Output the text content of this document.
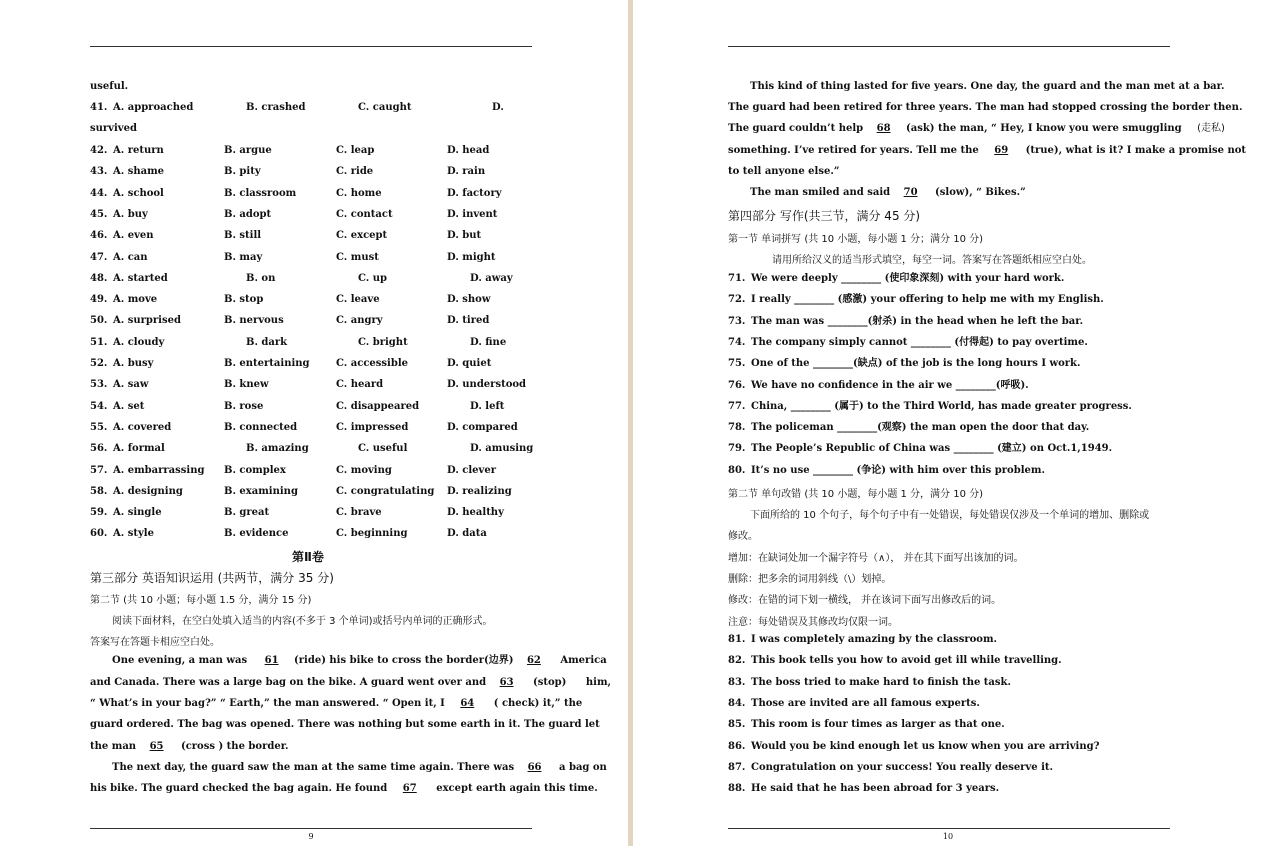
useful.
41. A. approached	B. crashed	C. caught	D.
survived
42. A. return	B. argue	C. leap	D. head
43. A. shame	B. pity	C. ride	D. rain
44. A. school	B. classroom	C. home	D. factory
45. A. buy	B. adopt	C. contact	D. invent
46. A. even	B. still	C. except	D. but
47. A. can	B. may	C. must	D. might
48. A. started	B. on	C. up	D. away
49. A. move	B. stop	C. leave	D. show
50. A. surprised	B. nervous	C. angry	D. tired
51. A. cloudy	B. dark	C. bright	D. fine
52. A. busy	B. entertaining	C. accessible	D. quiet
53. A. saw	B. knew	C. heard	D. understood
54. A. set	B. rose	C. disappeared	D. left
55. A. covered	B. connected	C. impressed	D. compared
56. A. formal	B. amazing	C. useful	D. amusing
57. A. embarrassing B. complex	C. moving	D. clever
58. A. designing	B. examining	C. congratulating D. realizing
59. A. single	B. great	C. brave	D. healthy
60. A. style	B. evidence	C. beginning	D. data
第Ⅱ卷
第三部分 英语知识运用 (共两节，满分 35 分)
第二节 (共 10 小题；每小题 1.5 分，满分 15 分)
阅读下面材料，在空白处填入适当的内容(不多于 3 个单词)或括号内单词的正确形式。
答案写在答题卡相应空白处。
One evening, a man was 61 (ride) his bike to cross the border(边界) 62 America
and Canada. There was a large bag on the bike. A guard went over and 63 (stop) him,
“ What’s in your bag?” “ Earth,” the man answered. “ Open it, I 64 ( check) it,” the
guard ordered. The bag was opened. There was nothing but some earth in it. The guard let
the man 65 (cross ) the border.
The next day, the guard saw the man at the same time again. There was 66 a bag on
his bike. The guard checked the bag again. He found 67 except earth again this time.
9
This kind of thing lasted for five years. One day, the guard and the man met at a bar.
The guard had been retired for three years. The man had stopped crossing the border then.
The guard couldn’t help 68 (ask) the man, “ Hey, I know you were smuggling (走私)
something. I’ve retired for years. Tell me the 69 (true), what is it? I make a promise not
to tell anyone else.”
The man smiled and said 70 (slow), “ Bikes.”
第四部分 写作(共三节，满分 45 分)
第一节 单词拼写 (共 10 小题，每小题 1 分；满分 10 分)
请用所给汉义的适当形式填空，每空一词。答案写在答题纸相应空白处。
71. We were deeply ________ (使印象深刻) with your hard work.
72. I really ________ (感激) your offering to help me with my English.
73. The man was ________(射杀) in the head when he left the bar.
74. The company simply cannot ________ (付得起) to pay overtime.
75. One of the ________(缺点) of the job is the long hours I work.
76. We have no confidence in the air we ________(呼吸).
77. China, ________ (属于) to the Third World, has made greater progress.
78. The policeman ________(观察) the man open the door that day.
79. The People’s Republic of China was ________ (建立) on Oct.1,1949.
80. It’s no use ________ (争论) with him over this problem.
第二节 单句改错 (共 10 小题，每小题 1 分，满分 10 分)
下面所给的 10 个句子，每个句子中有一处错误，每处错误仅涉及一个单词的增加、删除或
修改。
增加：在缺词处加一个漏字符号（∧）， 并在其下面写出该加的词。
删除：把多余的词用斜线（\）划掉。
修改：在错的词下划一横线， 并在该词下面写出修改后的词。
注意：每处错误及其修改均仅限一词。
81. I was completely amazing by the classroom.
82. This book tells you how to avoid get ill while travelling.
83. The boss tried to make hard to finish the task.
84. Those are invited are all famous experts.
85. This room is four times as larger as that one.
86. Would you be kind enough let us know when you are arriving?
87. Congratulation on your success! You really deserve it.
88. He said that he has been abroad for 3 years.
10
